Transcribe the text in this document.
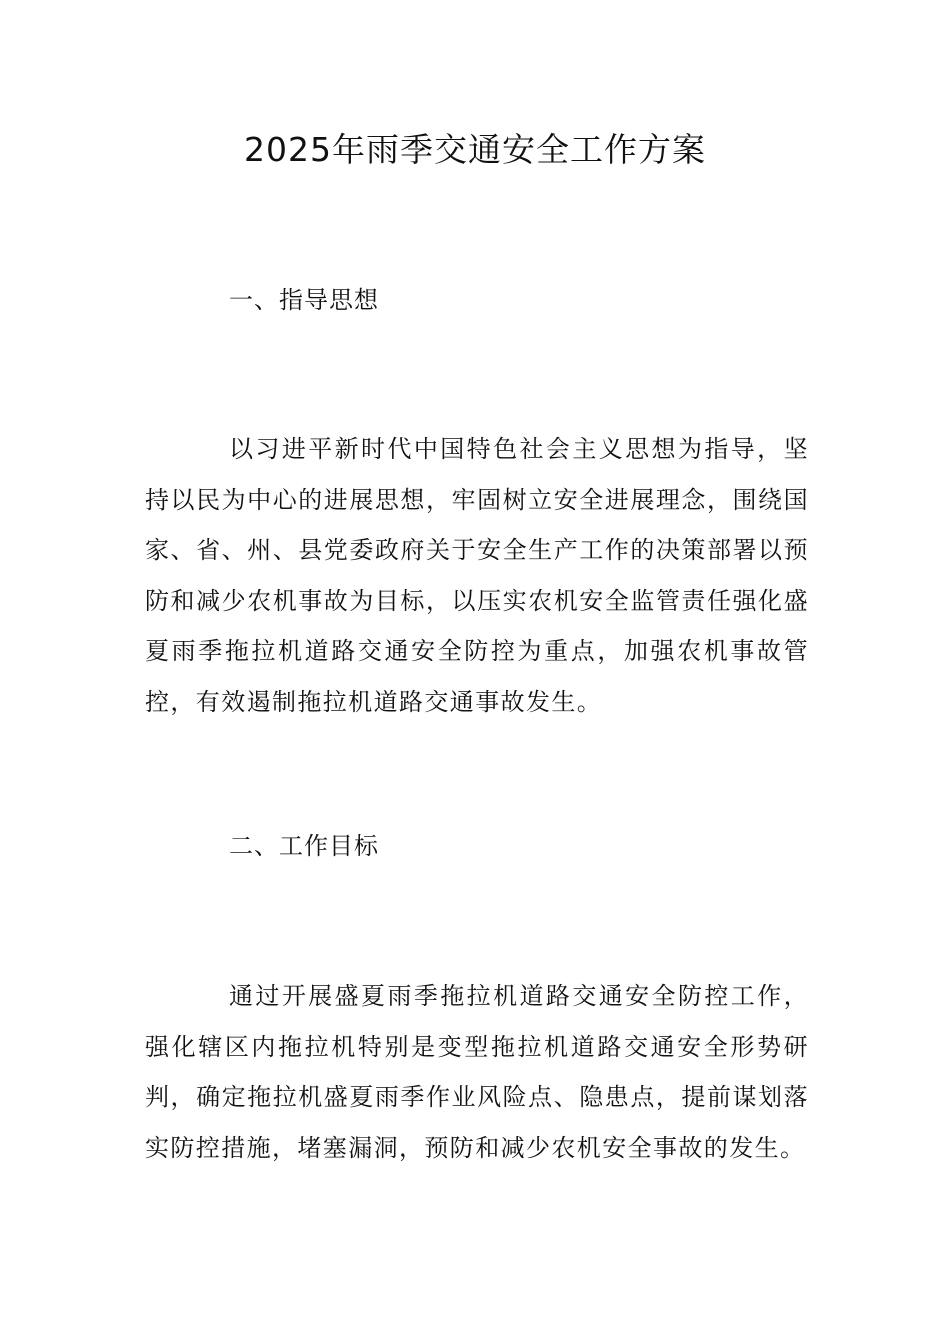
2025年雨季交通安全工作方案
一、指导思想

以习进平新时代中国特色社会主义思想为指导，坚持以民为中心的进展思想，牢固树立安全进展理念，围绕国家、省、州、县党委政府关于安全生产工作的决策部署以预防和减少农机事故为目标，以压实农机安全监管责任强化盛夏雨季拖拉机道路交通安全防控为重点，加强农机事故管控，有效遏制拖拉机道路交通事故发生。

二、工作目标

通过开展盛夏雨季拖拉机道路交通安全防控工作，强化辖区内拖拉机特别是变型拖拉机道路交通安全形势研判，确定拖拉机盛夏雨季作业风险点、隐患点，提前谋划落实防控措施，堵塞漏洞，预防和减少农机安全事故的发生。
